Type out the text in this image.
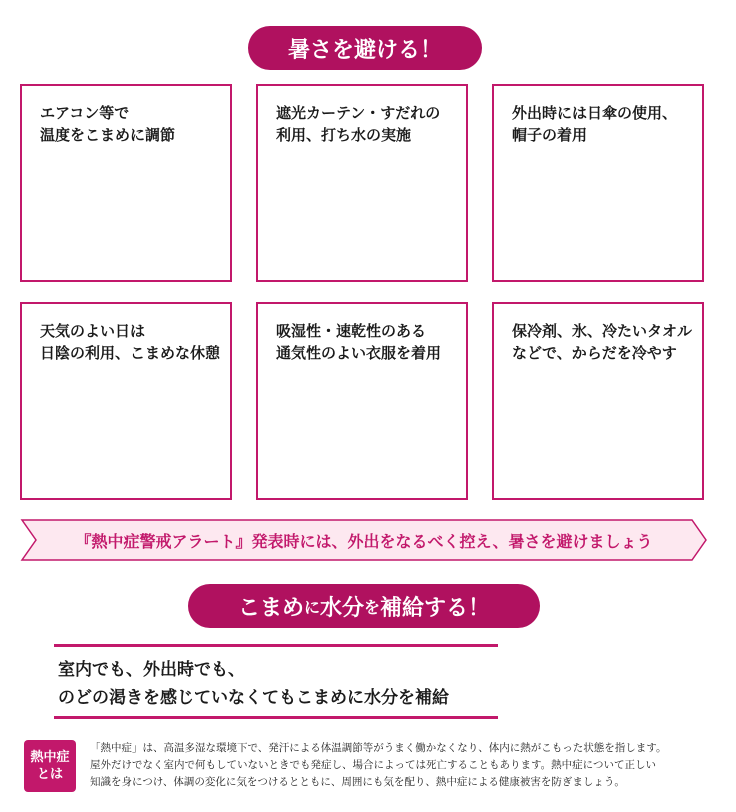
暑さを避ける！
エアコン等で
温度をこまめに調節
遮光カーテン・すだれの
利用、打ち水の実施
外出時には日傘の使用、
帽子の着用
天気のよい日は
日陰の利用、こまめな休憩
吸湿性・速乾性のある
通気性のよい衣服を着用
保冷剤、氷、冷たいタオル
などで、からだを冷やす
『熱中症警戒アラート』発表時には、外出をなるべく控え、暑さを避けましょう
こまめ に 水分 を 補給する！
室内でも、外出時でも、
のどの渇きを感じていなくてもこまめに水分を補給
熱中症
とは
「熱中症」は、高温多湿な環境下で、発汗による体温調節等がうまく働かなくなり、体内に熱がこもった状態を指します。
屋外だけでなく室内で何もしていないときでも発症し、場合によっては死亡することもあります。熱中症について正しい
知識を身につけ、体調の変化に気をつけるとともに、周囲にも気を配り、熱中症による健康被害を防ぎましょう。
